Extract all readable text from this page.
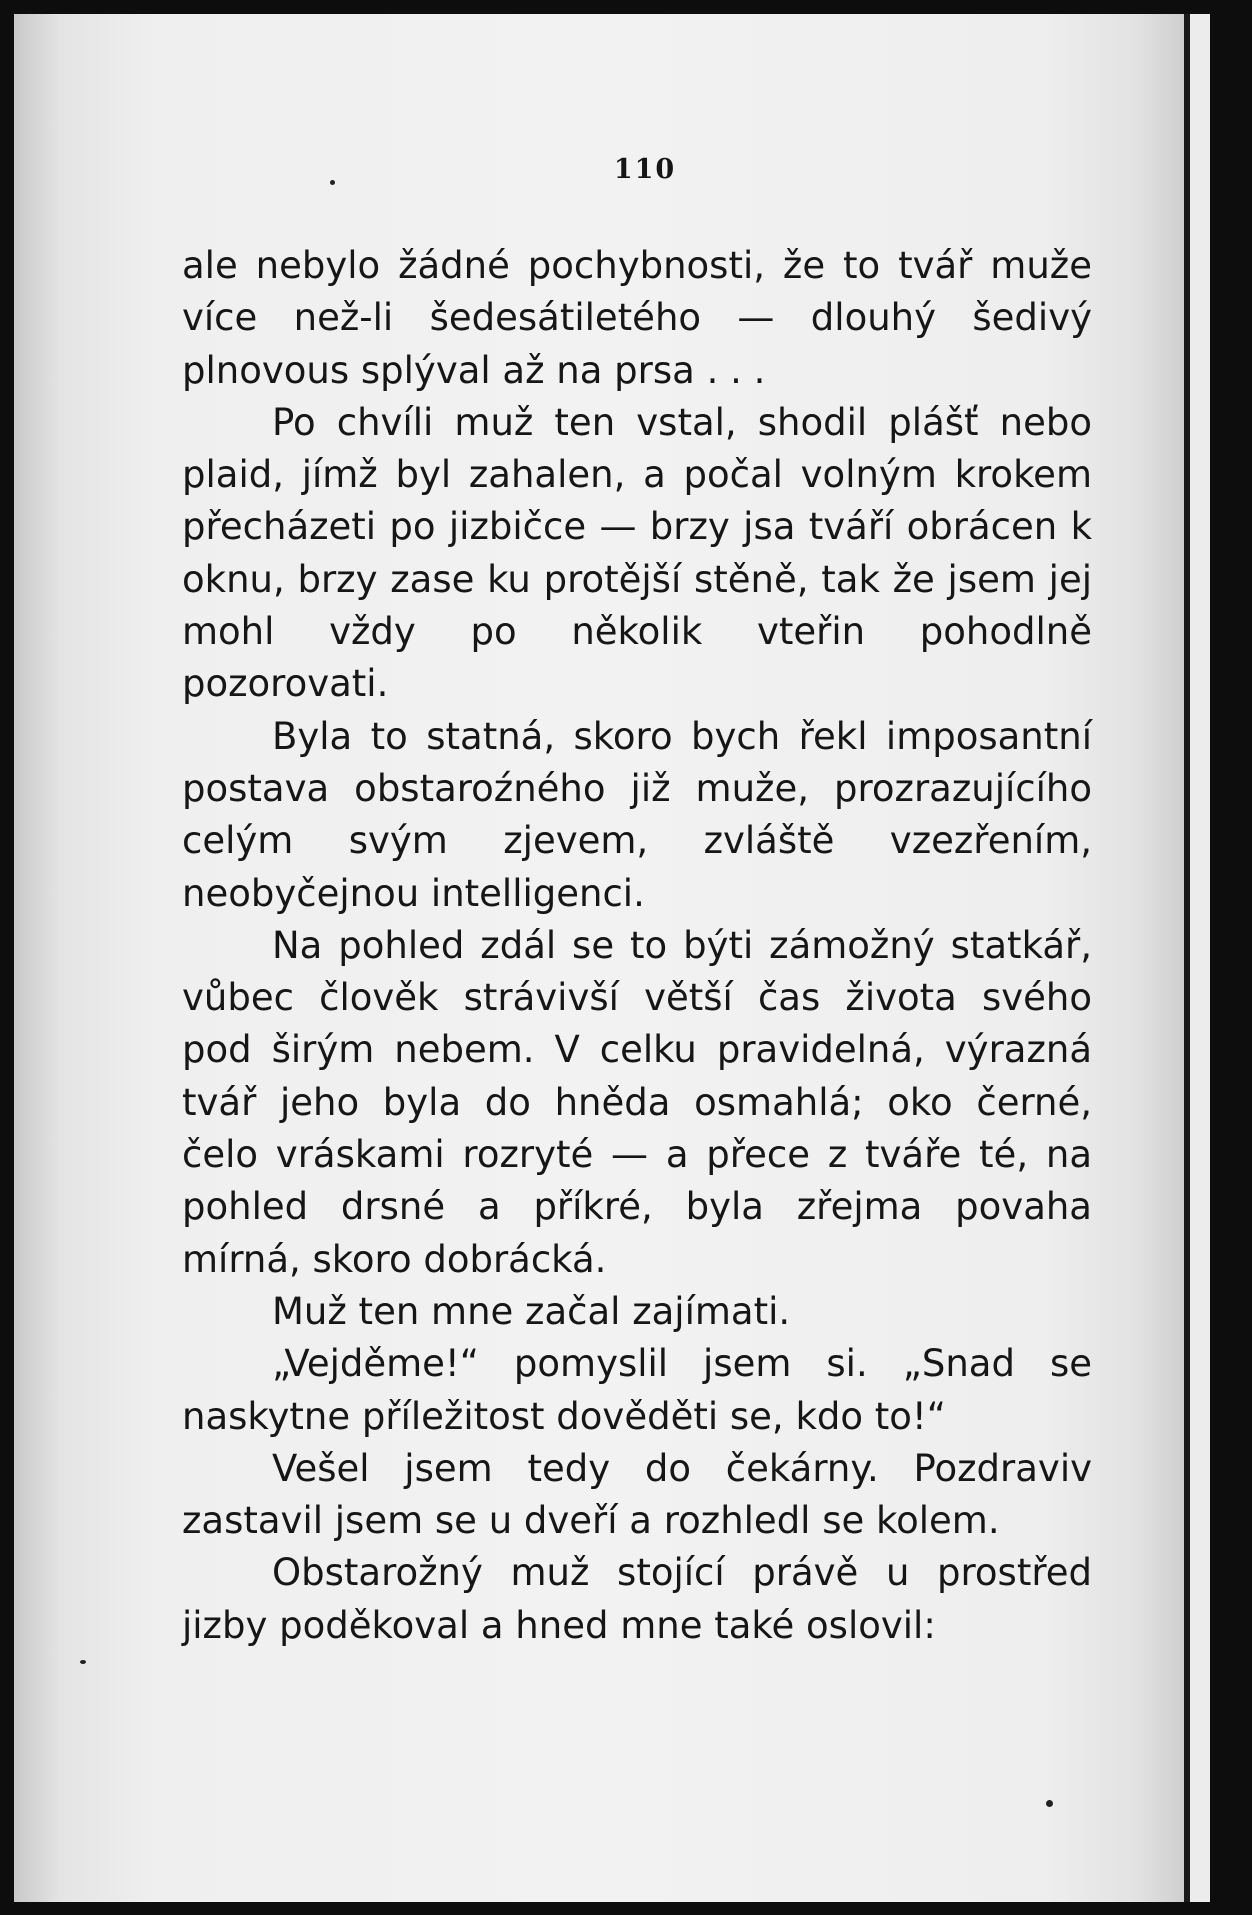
110

ale nebylo žádné pochybnosti, že to tvář muže více než-li šedesátiletého — dlouhý šedivý plnovous splýval až na prsa . . .

Po chvíli muž ten vstal, shodil plášť nebo plaid, jímž byl zahalen, a počal volným krokem přecházeti po jizbičce — brzy jsa tváří obrácen k oknu, brzy zase ku protější stěně, tak že jsem jej mohl vždy po několik vteřin pohodlně pozorovati.

Byla to statná, skoro bych řekl imposantní postava obstaroźného již muže, prozrazujícího celým svým zjevem, zvláště vzezřením, neobyčejnou intelligenci.

Na pohled zdál se to býti zámožný statkář, vůbec člověk strávivší větší čas života svého pod širým nebem. V celku pravidelná, výrazná tvář jeho byla do hněda osmahlá; oko černé, čelo vráskami rozryté — a přece z tváře té, na pohled drsné a příkré, byla zřejma povaha mírná, skoro dobrácká.

Muž ten mne začal zajímati.

„Vejděme!“ pomyslil jsem si. „Snad se naskytne příležitost dověděti se, kdo to!“

Vešel jsem tedy do čekárny. Pozdraviv zastavil jsem se u dveří a rozhledl se kolem.

Obstarožný muž stojící právě u prostřed jizby poděkoval a hned mne také oslovil:
